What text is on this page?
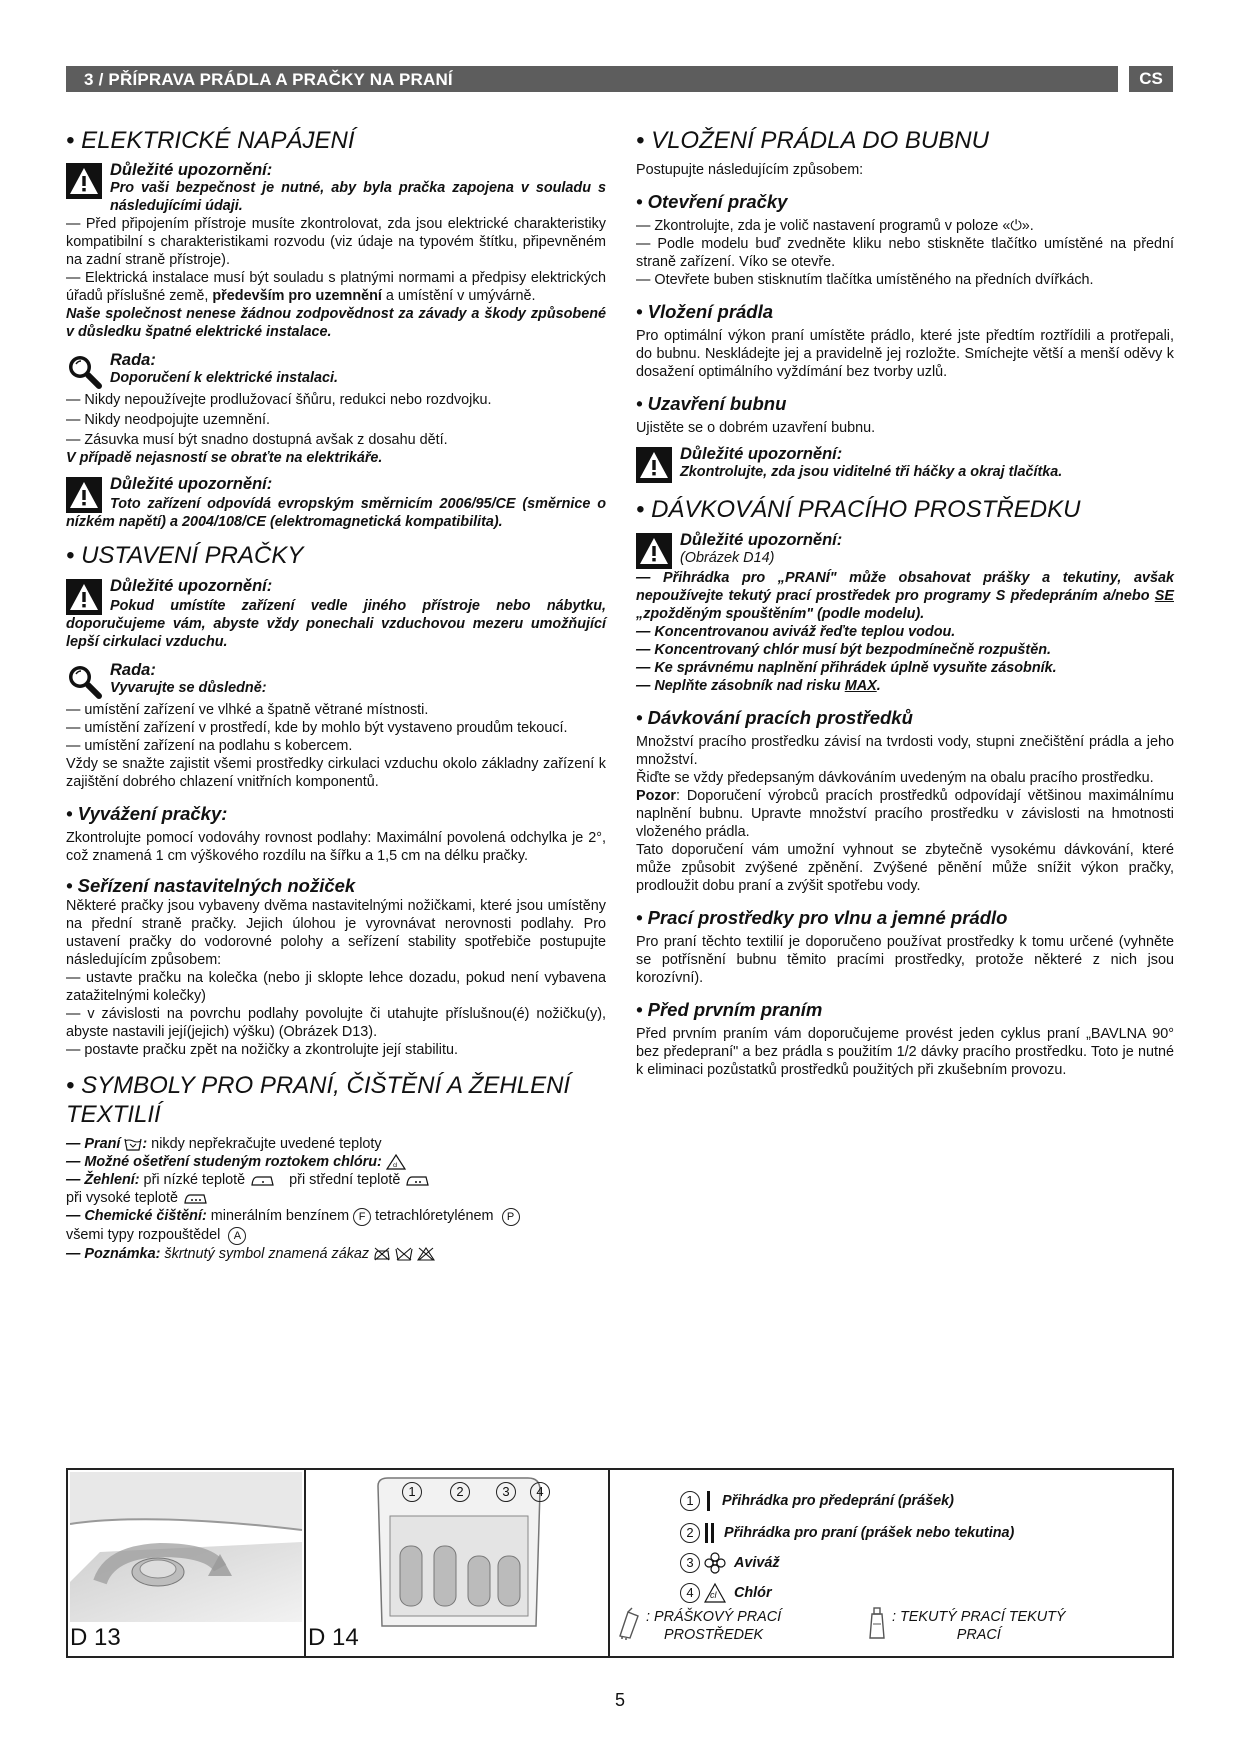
3 / PŘÍPRAVA PRÁDLA A PRAČKY NA PRANÍ	CS
• ELEKTRICKÉ NAPÁJENÍ
Důležité upozornění:
Pro vaši bezpečnost je nutné, aby byla pračka zapojena v souladu s následujícími údaji.

— Před připojením přístroje musíte zkontrolovat, zda jsou elektrické charakteristiky kompatibilní s charakteristikami rozvodu (viz údaje na typovém štítku, připevněném na zadní straně přístroje).

— Elektrická instalace musí být souladu s platnými normami a předpisy elektrických úřadů příslušné země, především pro uzemnění a umístění v umývárně.

Naše společnost nenese žádnou zodpovědnost za závady a škody způsobené v důsledku špatné elektrické instalace.

Rada:
Doporučení k elektrické instalaci.

— Nikdy nepoužívejte prodlužovací šňůru, redukci nebo rozdvojku.

— Nikdy neodpojujte uzemnění.

— Zásuvka musí být snadno dostupná avšak z dosahu dětí.

V případě nejasností se obraťte na elektrikáře.

Důležité upozornění:
Toto zařízení odpovídá evropským směrnicím 2006/95/CE (směrnice o nízkém napětí) a 2004/108/CE (elektromagnetická kompatibilita).
• USTAVENÍ PRAČKY
Důležité upozornění:
Pokud umístíte zařízení vedle jiného přístroje nebo nábytku, doporučujeme vám, abyste vždy ponechali vzduchovou mezeru umožňující lepší cirkulaci vzduchu.
Rada:
Vyvarujte se důsledně:

— umístění zařízení ve vlhké a špatně větrané místnosti.

— umístění zařízení v prostředí, kde by mohlo být vystaveno proudům tekoucí.

— umístění zařízení na podlahu s kobercem.

Vždy se snažte zajistit všemi prostředky cirkulaci vzduchu okolo základny zařízení k zajištění dobrého chlazení vnitřních komponentů.

• Vyvážení pračky:

Zkontrolujte pomocí vodováhy rovnost podlahy: Maximální povolená odchylka je 2°, což znamená 1 cm výškového rozdílu na šířku a 1,5 cm na délku pračky.

• Seřízení nastavitelných nožiček

Některé pračky jsou vybaveny dvěma nastavitelnými nožičkami, které jsou umístěny na přední straně pračky. Jejich úlohou je vyrovnávat nerovnosti podlahy. Pro ustavení pračky do vodorovné polohy a seřízení stability spotřebiče postupujte následujícím způsobem:

— ustavte pračku na kolečka (nebo ji sklopte lehce dozadu, pokud není vybavena zatažitelnými kolečky)

— v závislosti na povrchu podlahy povolujte či utahujte příslušnou(é) nožičku(y), abyste nastavili její(jejich) výšku) (Obrázek D13).

— postavte pračku zpět na nožičky a zkontrolujte její stabilitu.

• SYMBOLY PRO PRANÍ, ČIŠTĚNÍ A ŽEHLENÍ TEXTILIÍ
— Praní : nikdy nepřekračujte uvedené teploty
— Možné ošetření studeným roztokem chlóru: cl
— Žehlení: při nízké teplotě	při střední teplotě
při vysoké teplotě
— Chemické čištění: minerálním benzínem F tetrachlóretylénem P
všemi typy rozpouštědel A
— Poznámka: škrtnutý symbol znamená zákaz
• VLOŽENÍ PRÁDLA DO BUBNU

Postupujte následujícím způsobem:

• Otevření pračky

— Zkontrolujte, zda je volič nastavení programů v poloze «⏻».

— Podle modelu buď zvedněte kliku nebo stiskněte tlačítko umístěné na přední straně zařízení. Víko se otevře.

— Otevřete buben stisknutím tlačítka umístěného na předních dvířkách.

• Vložení prádla

Pro optimální výkon praní umístěte prádlo, které jste předtím roztřídili a protřepali, do bubnu. Neskládejte jej a pravidelně jej rozložte. Smíchejte větší a menší oděvy k dosažení optimálního vyždímání bez tvorby uzlů.

• Uzavření bubnu

Ujistěte se o dobrém uzavření bubnu.

Důležité upozornění:
Zkontrolujte, zda jsou viditelné tři háčky a okraj tlačítka.
• DÁVKOVÁNÍ PRACÍHO PROSTŘEDKU
Důležité upozornění:
(Obrázek D14)

— Přihrádka pro „PRANÍ" může obsahovat prášky a tekutiny, avšak nepoužívejte tekutý prací prostředek pro programy S předepráním a/nebo SE „zpožděným spouštěním" (podle modelu).

— Koncentrovanou aviváž řeďte teplou vodou.

— Koncentrovaný chlór musí být bezpodmínečně rozpuštěn.

— Ke správnému naplnění přihrádek úplně vysuňte zásobník.

— Neplňte zásobník nad risku MAX.

• Dávkování pracích prostředků

Množství pracího prostředku závisí na tvrdosti vody, stupni znečištění prádla a jeho množství.

Řiďte se vždy předepsaným dávkováním uvedeným na obalu pracího prostředku.

Pozor: Doporučení výrobců pracích prostředků odpovídají většinou maximálnímu naplnění bubnu. Upravte množství pracího prostředku v závislosti na hmotnosti vloženého prádla.

Tato doporučení vám umožní vyhnout se zbytečně vysokému dávkování, které může způsobit zvýšené zpěnění. Zvýšené pěnění může snížit výkon pračky, prodloužit dobu praní a zvýšit spotřebu vody.

• Prací prostředky pro vlnu a jemné prádlo

Pro praní těchto textilií je doporučeno používat prostředky k tomu určené (vyhněte se potřísnění bubnu těmito pracími prostředky, protože některé z nich jsou korozívní).

• Před prvním praním

Před prvním praním vám doporučujeme provést jeden cyklus praní „BAVLNA 90° bez předepraní" a bez prádla s použitím 1/2 dávky pracího prostředku. Toto je nutné k eliminaci pozůstatků prostředků použitých při zkušebním provozu.

D 13
1	2	3	4
D 14
1	Přihrádka pro předeprání (prášek)
2	Přihrádka pro praní (prášek nebo tekutina)
3	Aviváž
4	cl Chlór
: PRÁŠKOVÝ PRACÍ
PROSTŘEDEK
: TEKUTÝ PRACÍ TEKUTÝ
PRACÍ
5
